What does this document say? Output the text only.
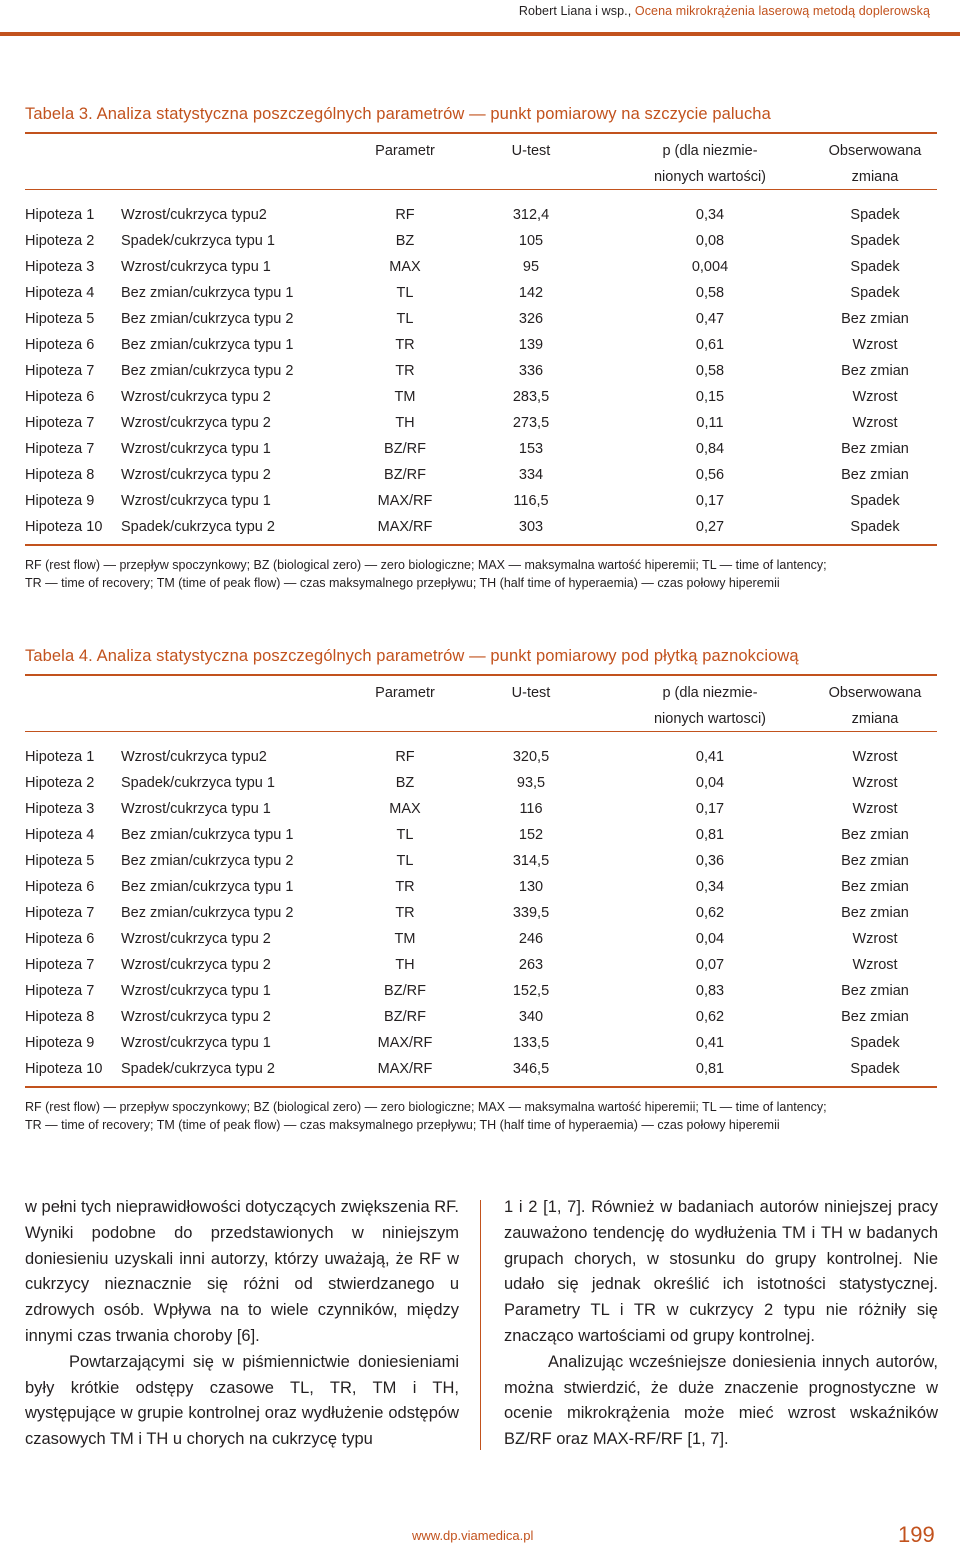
Robert Liana i wsp., Ocena mikrokrążenia laserową metodą doplerowską

Tabela 3. Analiza statystyczna poszczególnych parametrów — punkt pomiarowy na szczycie palucha

Parametr	U-test	p (dla niezmie-
nionych wartości)
Obserwowana
zmiana
Hipoteza 1 Wzrost/cukrzyca typu2	RF	312,4	0,34	Spadek
Hipoteza 2 Spadek/cukrzyca typu 1	BZ	105	0,08	Spadek
Hipoteza 3 Wzrost/cukrzyca typu 1	MAX	95	0,004	Spadek
Hipoteza 4 Bez zmian/cukrzyca typu 1	TL	142	0,58	Spadek
Hipoteza 5 Bez zmian/cukrzyca typu 2	TL	326	0,47	Bez zmian
Hipoteza 6 Bez zmian/cukrzyca typu 1	TR	139	0,61	Wzrost
Hipoteza 7 Bez zmian/cukrzyca typu 2	TR	336	0,58	Bez zmian
Hipoteza 6 Wzrost/cukrzyca typu 2	TM	283,5	0,15	Wzrost
Hipoteza 7 Wzrost/cukrzyca typu 2	TH	273,5	0,11	Wzrost
Hipoteza 7 Wzrost/cukrzyca typu 1	BZ/RF	153	0,84	Bez zmian
Hipoteza 8 Wzrost/cukrzyca typu 2	BZ/RF	334	0,56	Bez zmian
Hipoteza 9 Wzrost/cukrzyca typu 1	MAX/RF	116,5	0,17	Spadek
Hipoteza 10 Spadek/cukrzyca typu 2	MAX/RF	303	0,27	Spadek

RF (rest flow) — przepływ spoczynkowy; BZ (biological zero) — zero biologiczne; MAX — maksymalna wartość hiperemii; TL — time of lantency;

TR — time of recovery; TM (time of peak flow) — czas maksymalnego przepływu; TH (half time of hyperaemia) — czas połowy hiperemii

Tabela 4. Analiza statystyczna poszczególnych parametrów — punkt pomiarowy pod płytką paznokciową

Parametr	U-test	p (dla niezmie-
nionych wartosci)
Obserwowana
zmiana
Hipoteza 1 Wzrost/cukrzyca typu2	RF	320,5	0,41	Wzrost
Hipoteza 2 Spadek/cukrzyca typu 1	BZ	93,5	0,04	Wzrost
Hipoteza 3 Wzrost/cukrzyca typu 1	MAX	116	0,17	Wzrost
Hipoteza 4 Bez zmian/cukrzyca typu 1	TL	152	0,81	Bez zmian
Hipoteza 5 Bez zmian/cukrzyca typu 2	TL	314,5	0,36	Bez zmian
Hipoteza 6 Bez zmian/cukrzyca typu 1	TR	130	0,34	Bez zmian
Hipoteza 7 Bez zmian/cukrzyca typu 2	TR	339,5	0,62	Bez zmian
Hipoteza 6 Wzrost/cukrzyca typu 2	TM	246	0,04	Wzrost
Hipoteza 7 Wzrost/cukrzyca typu 2	TH	263	0,07	Wzrost
Hipoteza 7 Wzrost/cukrzyca typu 1	BZ/RF	152,5	0,83	Bez zmian
Hipoteza 8 Wzrost/cukrzyca typu 2	BZ/RF	340	0,62	Bez zmian
Hipoteza 9 Wzrost/cukrzyca typu 1	MAX/RF	133,5	0,41	Spadek
Hipoteza 10 Spadek/cukrzyca typu 2	MAX/RF	346,5	0,81	Spadek

RF (rest flow) — przepływ spoczynkowy; BZ (biological zero) — zero biologiczne; MAX — maksymalna wartość hiperemii; TL — time of lantency;

TR — time of recovery; TM (time of peak flow) — czas maksymalnego przepływu; TH (half time of hyperaemia) — czas połowy hiperemii

w pełni tych nieprawidłowości dotyczących zwiększenia RF. Wyniki podobne do przedstawionych w niniejszym doniesieniu uzyskali inni autorzy, którzy uważają, że RF w cukrzycy nieznacznie się różni od stwierdzanego u zdrowych osób. Wpływa na to wiele czynników, między innymi czas trwania choroby [6].

Powtarzającymi się w piśmiennictwie doniesieniami były krótkie odstępy czasowe TL, TR, TM i TH, występujące w grupie kontrolnej oraz wydłużenie odstępów czasowych TM i TH u chorych na cukrzycę typu

1 i 2 [1, 7]. Również w badaniach autorów niniejszej pracy zauważono tendencję do wydłużenia TM i TH w badanych grupach chorych, w stosunku do grupy kontrolnej. Nie udało się jednak określić ich istotności statystycznej. Parametry TL i TR w cukrzycy 2 typu nie różniły się znacząco wartościami od grupy kontrolnej.

Analizując wcześniejsze doniesienia innych autorów, można stwierdzić, że duże znaczenie prognostyczne w ocenie mikrokrążenia może mieć wzrost wskaźników BZ/RF oraz MAX-RF/RF [1, 7].

www.dp.viamedica.pl	199
